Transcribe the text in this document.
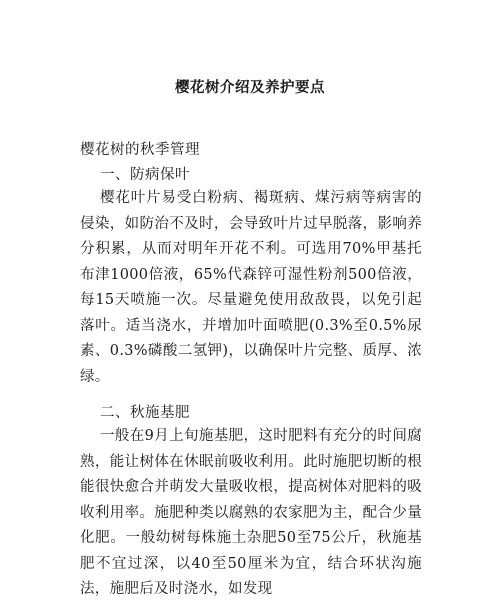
樱花树介绍及养护要点
樱花树的秋季管理
一、防病保叶

樱花叶片易受白粉病、褐斑病、煤污病等病害的侵染，如防治不及时，会导致叶片过早脱落，影响养分积累，从而对明年开花不利。可选用70%甲基托布津1000倍液，65%代森锌可湿性粉剂500倍液，每15天喷施一次。尽量避免使用敌敌畏，以免引起落叶。适当浇水，并增加叶面喷肥(0.3%至0.5%尿素、0.3%磷酸二氢钾)，以确保叶片完整、质厚、浓绿。

二、秋施基肥

一般在9月上旬施基肥，这时肥料有充分的时间腐熟，能让树体在休眠前吸收利用。此时施肥切断的根能很快愈合并萌发大量吸收根，提高树体对肥料的吸收利用率。施肥种类以腐熟的农家肥为主，配合少量化肥。一般幼树每株施土杂肥50至75公斤，秋施基肥不宜过深，以40至50厘米为宜，结合环状沟施法，施肥后及时浇水，如发现
